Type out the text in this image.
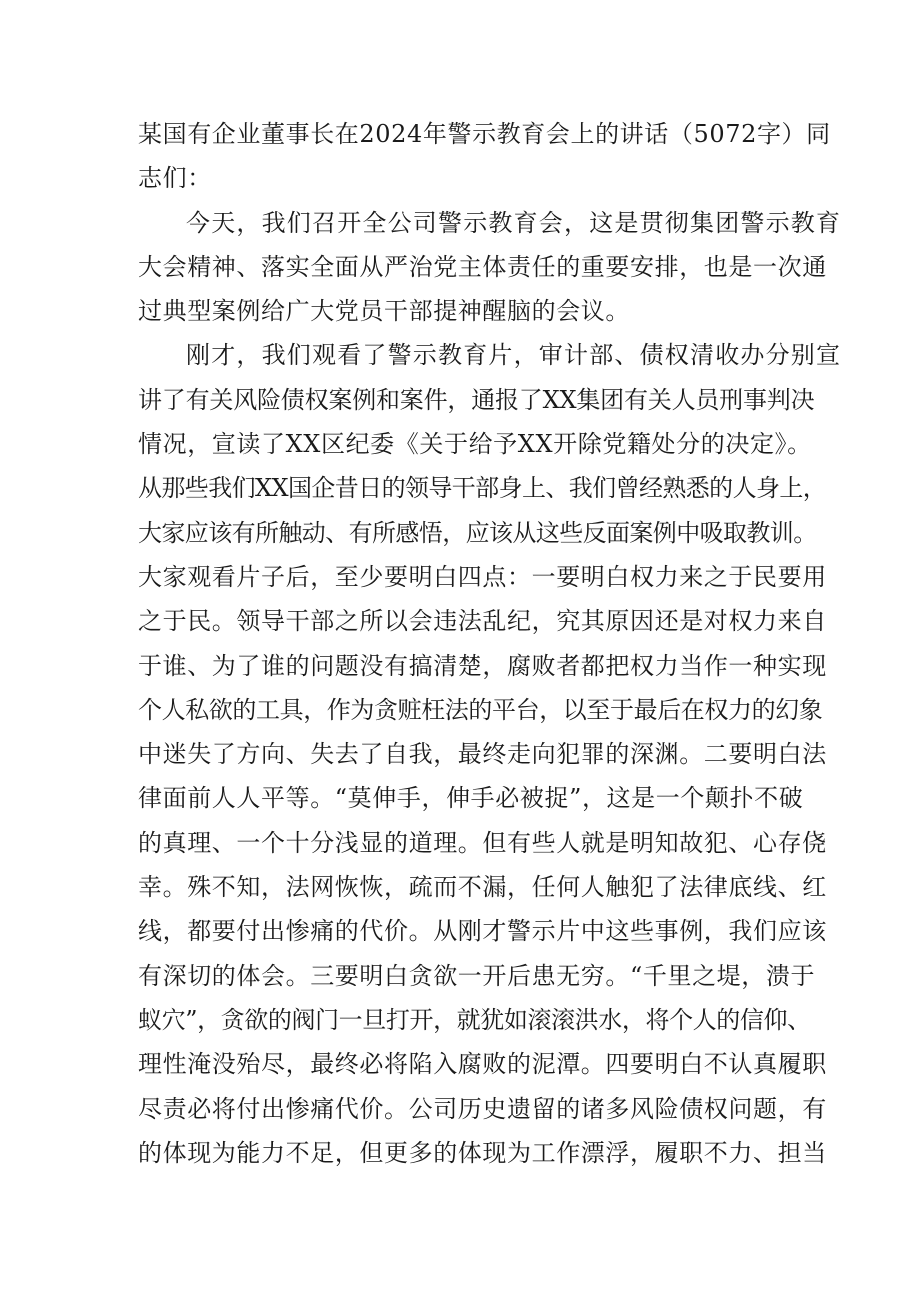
某国有企业董事长在2024年警示教育会上的讲话（5072字）同
志们：
今天，我们召开全公司警示教育会，这是贯彻集团警示教育
大会精神、落实全面从严治党主体责任的重要安排，也是一次通
过典型案例给广大党员干部提神醒脑的会议。
刚才，我们观看了警示教育片，审计部、债权清收办分别宣
讲了有关风险债权案例和案件，通报了XX集团有关人员刑事判决
情况，宣读了XX区纪委《关于给予XX开除党籍处分的决定》。
从那些我们XX国企昔日的领导干部身上、我们曾经熟悉的人身上，
大家应该有所触动、有所感悟，应该从这些反面案例中吸取教训。
大家观看片子后，至少要明白四点：一要明白权力来之于民要用
之于民。领导干部之所以会违法乱纪，究其原因还是对权力来自
于谁、为了谁的问题没有搞清楚，腐败者都把权力当作一种实现
个人私欲的工具，作为贪赃枉法的平台，以至于最后在权力的幻象
中迷失了方向、失去了自我，最终走向犯罪的深渊。二要明白法
律面前人人平等。“莫伸手，伸手必被捉”，这是一个颠扑不破
的真理、一个十分浅显的道理。但有些人就是明知故犯、心存侥
幸。殊不知，法网恢恢，疏而不漏，任何人触犯了法律底线、红
线，都要付出惨痛的代价。从刚才警示片中这些事例，我们应该
有深切的体会。三要明白贪欲一开后患无穷。“千里之堤，溃于
蚁穴”，贪欲的阀门一旦打开，就犹如滚滚洪水，将个人的信仰、
理性淹没殆尽，最终必将陷入腐败的泥潭。四要明白不认真履职
尽责必将付出惨痛代价。公司历史遗留的诸多风险债权问题，有
的体现为能力不足，但更多的体现为工作漂浮，履职不力、担当
